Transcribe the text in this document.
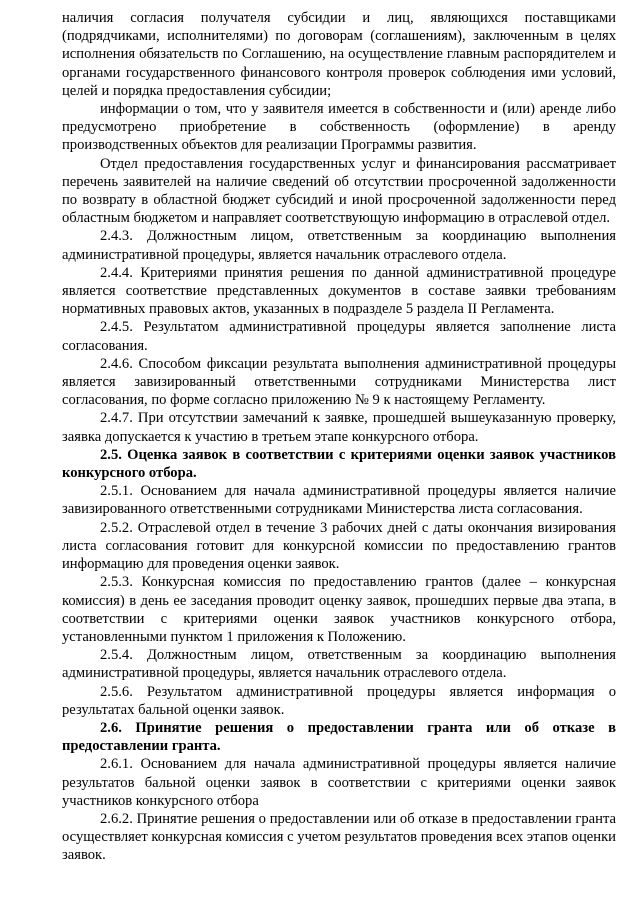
наличия согласия получателя субсидии и лиц, являющихся поставщиками (подрядчиками, исполнителями) по договорам (соглашениям), заключенным в целях исполнения обязательств по Соглашению, на осуществление главным распорядителем и органами государственного финансового контроля проверок соблюдения ими условий, целей и порядка предоставления субсидии;

информации о том, что у заявителя имеется в собственности и (или) аренде либо предусмотрено приобретение в собственность (оформление) в аренду производственных объектов для реализации Программы развития.

Отдел предоставления государственных услуг и финансирования рассматривает перечень заявителей на наличие сведений об отсутствии просроченной задолженности по возврату в областной бюджет субсидий и иной просроченной задолженности перед областным бюджетом и направляет соответствующую информацию в отраслевой отдел.

2.4.3. Должностным лицом, ответственным за координацию выполнения административной процедуры, является начальник отраслевого отдела.

2.4.4. Критериями принятия решения по данной административной процедуре является соответствие представленных документов в составе заявки требованиям нормативных правовых актов, указанных в подразделе 5 раздела II Регламента.

2.4.5. Результатом административной процедуры является заполнение листа согласования.

2.4.6. Способом фиксации результата выполнения административной процедуры является завизированный ответственными сотрудниками Министерства лист согласования, по форме согласно приложению № 9 к настоящему Регламенту.

2.4.7. При отсутствии замечаний к заявке, прошедшей вышеуказанную проверку, заявка допускается к участию в третьем этапе конкурсного отбора.

2.5. Оценка заявок в соответствии с критериями оценки заявок участников конкурсного отбора.

2.5.1. Основанием для начала административной процедуры является наличие завизированного ответственными сотрудниками Министерства листа согласования.

2.5.2. Отраслевой отдел в течение 3 рабочих дней с даты окончания визирования листа согласования готовит для конкурсной комиссии по предоставлению грантов информацию для проведения оценки заявок.

2.5.3. Конкурсная комиссия по предоставлению грантов (далее – конкурсная комиссия) в день ее заседания проводит оценку заявок, прошедших первые два этапа, в соответствии с критериями оценки заявок участников конкурсного отбора, установленными пунктом 1 приложения к Положению.

2.5.4. Должностным лицом, ответственным за координацию выполнения административной процедуры, является начальник отраслевого отдела.

2.5.6. Результатом административной процедуры является информация о результатах бальной оценки заявок.

2.6. Принятие решения о предоставлении гранта или об отказе в предоставлении гранта.

2.6.1. Основанием для начала административной процедуры является наличие результатов бальной оценки заявок в соответствии с критериями оценки заявок участников конкурсного отбора

2.6.2. Принятие решения о предоставлении или об отказе в предоставлении гранта осуществляет конкурсная комиссия с учетом результатов проведения всех этапов оценки заявок.
